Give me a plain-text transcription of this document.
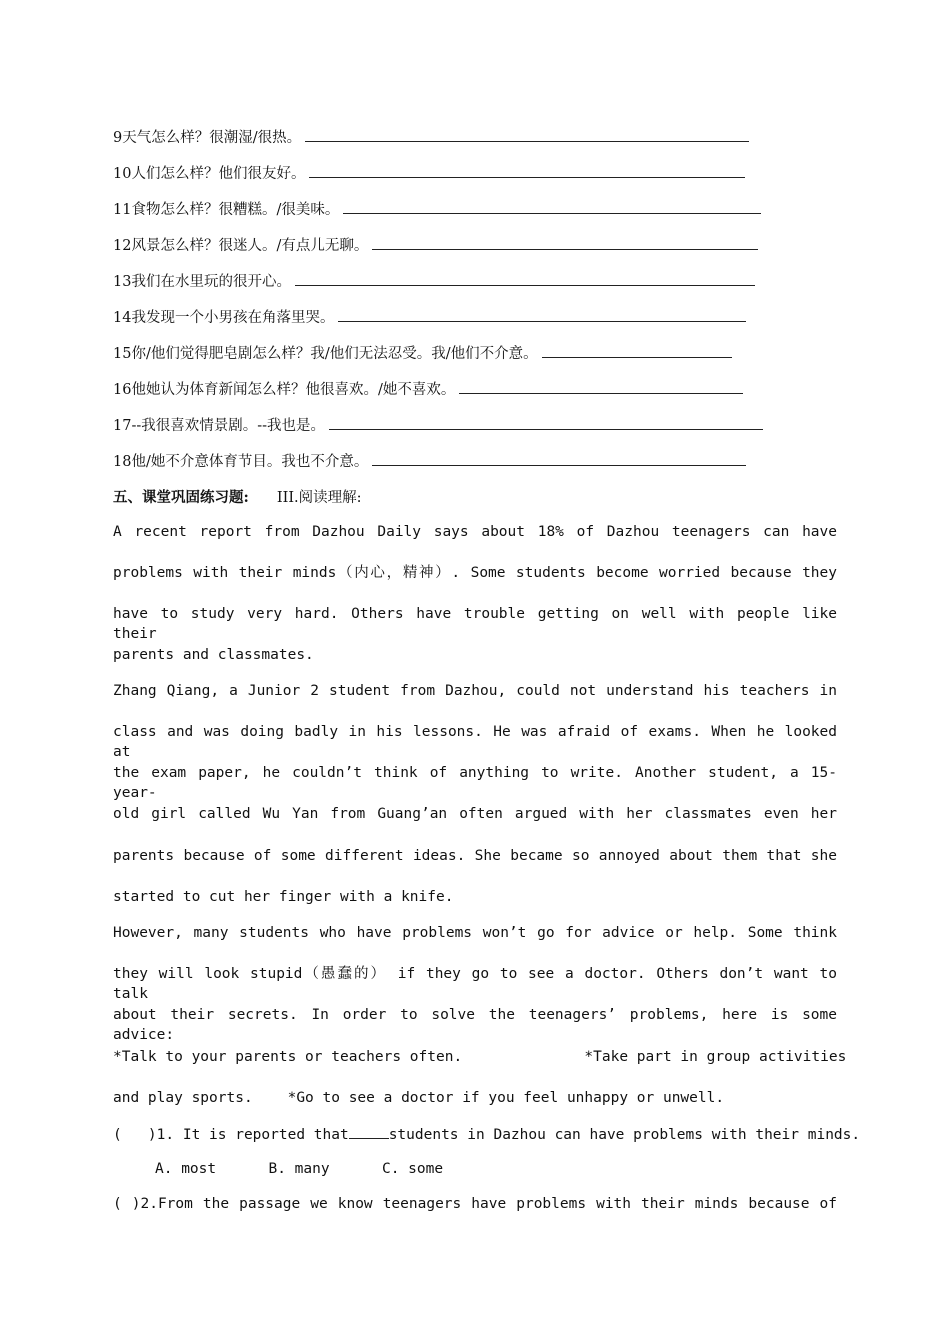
9天气怎么样？很潮湿/很热。
10人们怎么样？他们很友好。
11食物怎么样？很糟糕。/很美味。
12风景怎么样？很迷人。/有点儿无聊。
13我们在水里玩的很开心。
14我发现一个小男孩在角落里哭。
15你/他们觉得肥皂剧怎么样？我/他们无法忍受。我/他们不介意。
16他她认为体育新闻怎么样？他很喜欢。/她不喜欢。
17--我很喜欢情景剧。--我也是。
18他/她不介意体育节目。我也不介意。
五、课堂巩固练习题: III.阅读理解:
A recent report from Dazhou Daily says about 18% of Dazhou teenagers can have
problems with their minds（内心，精神）. Some students become worried because they
have to study very hard. Others have trouble getting on well with people like their
parents and classmates.
Zhang Qiang, a Junior 2 student from Dazhou, could not understand his teachers in
class and was doing badly in his lessons. He was afraid of exams. When he looked at
the exam paper, he couldn’t think of anything to write. Another student, a 15-year-
old girl called Wu Yan from Guang’an often argued with her classmates even her
parents because of some different ideas. She became so annoyed about them that she
started to cut her finger with a knife.
However, many students who have problems won’t go for advice or help. Some think
they will look stupid（愚蠢的） if they go to see a doctor. Others don’t want to talk
about their secrets. In order to solve the teenagers’ problems, here is some advice:
*Talk to your parents or teachers often.              *Take part in group activities
and play sports.    *Go to see a doctor if you feel unhappy or unwell.
(   )1. It is reported that	students in Dazhou can have problems with their minds.
A. most      B. many      C. some
( )2.From the passage we know teenagers have problems with their minds because of
